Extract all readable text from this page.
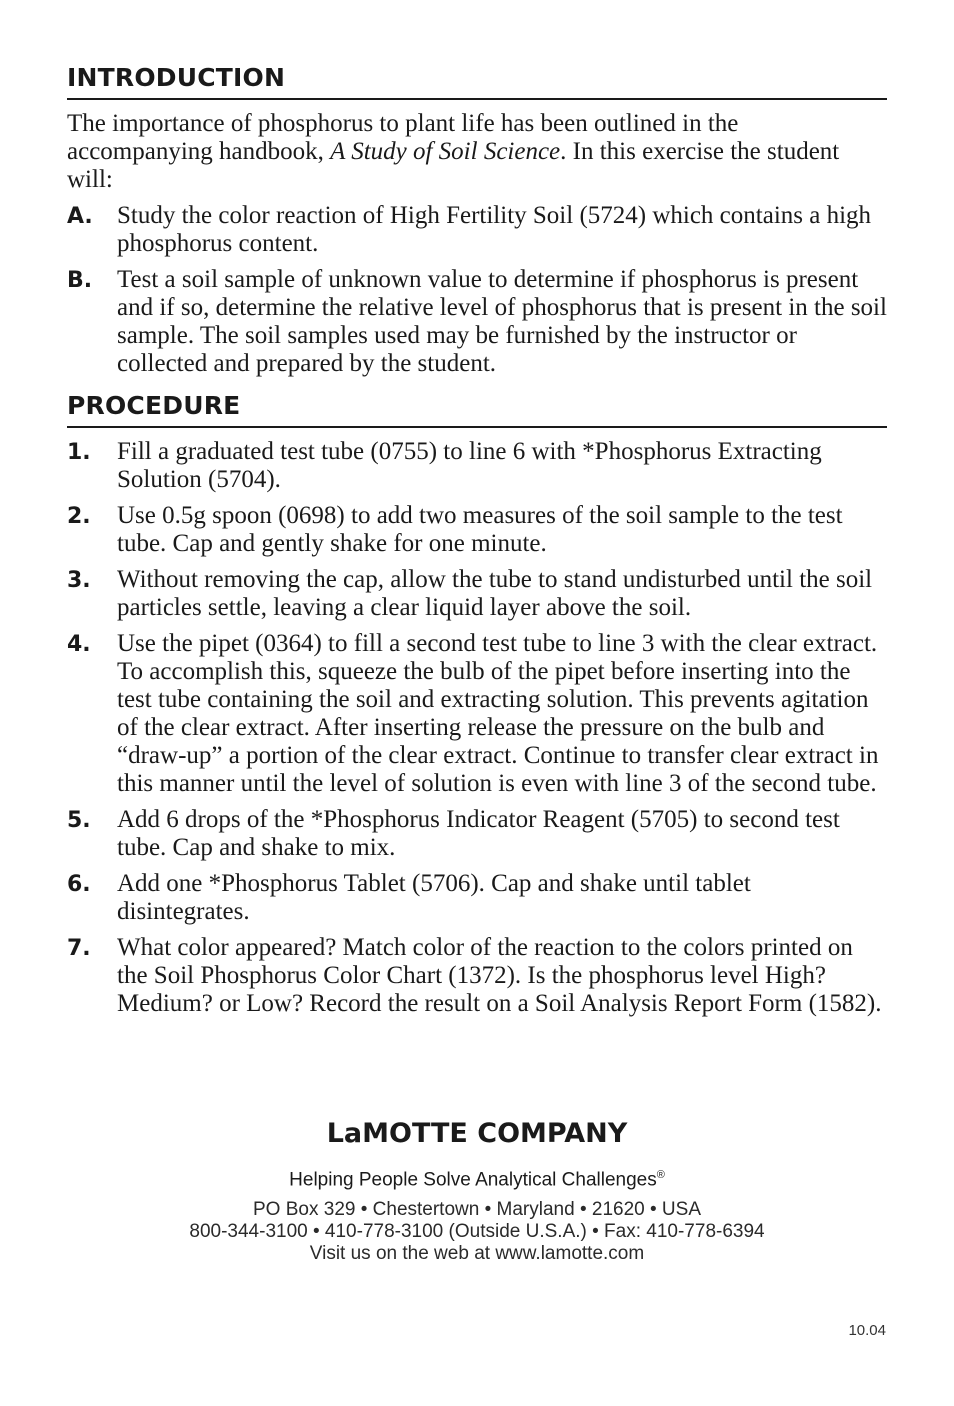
INTRODUCTION

The importance of phosphorus to plant life has been outlined in the accompanying handbook, A Study of Soil Science. In this exercise the student will:

A. Study the color reaction of High Fertility Soil (5724) which contains a high phosphorus content.
B. Test a soil sample of unknown value to determine if phosphorus is present and if so, determine the relative level of phosphorus that is present in the soil sample. The soil samples used may be furnished by the instructor or collected and prepared by the student.
PROCEDURE
1.	Fill a graduated test tube (0755) to line 6 with *Phosphorus Extracting Solution (5704).
2.	Use 0.5g spoon (0698) to add two measures of the soil sample to the test tube. Cap and gently shake for one minute.
3.	Without removing the cap, allow the tube to stand undisturbed until the soil particles settle, leaving a clear liquid layer above the soil.
4.	Use the pipet (0364) to fill a second test tube to line 3 with the clear extract. To accomplish this, squeeze the bulb of the pipet before inserting into the test tube containing the soil and extracting solution. This prevents agitation of the clear extract. After inserting release the pressure on the bulb and “draw-up” a portion of the clear extract. Continue to transfer clear extract in this manner until the level of solution is even with line 3 of the second tube.
5.	Add 6 drops of the *Phosphorus Indicator Reagent (5705) to second test tube. Cap and shake to mix.
6.	Add one *Phosphorus Tablet (5706). Cap and shake until tablet disintegrates.
7.	What color appeared? Match color of the reaction to the colors printed on the Soil Phosphorus Color Chart (1372). Is the phosphorus level High? Medium? or Low? Record the result on a Soil Analysis Report Form (1582).
LaMOTTE COMPANY
Helping People Solve Analytical Challenges®
PO Box 329 • Chestertown • Maryland • 21620 • USA
800-344-3100 • 410-778-3100 (Outside U.S.A.) • Fax: 410-778-6394
Visit us on the web at www.lamotte.com
10.04
